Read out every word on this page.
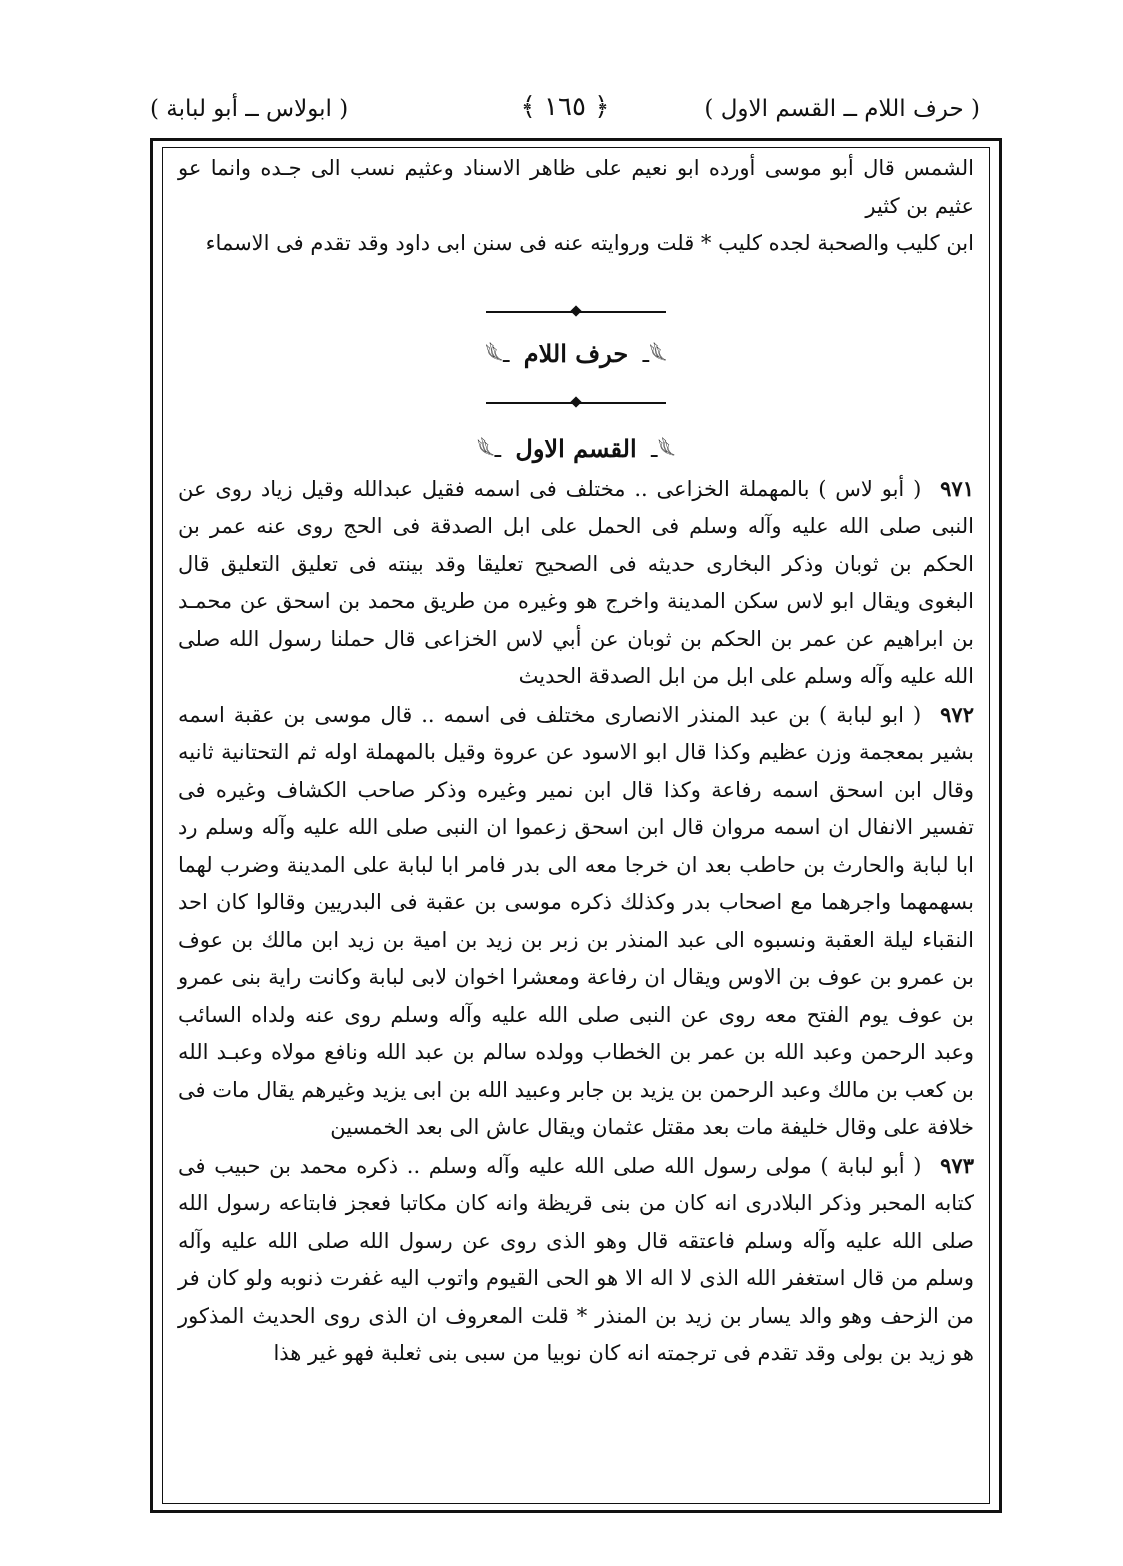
( حرف اللام ــ القسم الاول )
﴿ ١٦٥ ﴾
( ابولاس ــ أبو لبابة )

الشمس قال أبو موسى أورده ابو نعيم على ظاهر الاسناد وعثيم نسب الى جـده وانما عو عثيم بن كثير

ابن كليب والصحبة لجده كليب * قلت وروايته عنه فى سنن ابى داود وقد تقدم فى الاسماء

𓆰ـ حرف اللام ـ𓆰
𓆰ـ القسم الاول ـ𓆰

٩٧١ ( أبو لاس ) بالمهملة الخزاعى .. مختلف فى اسمه فقيل عبدالله وقيل زياد روى عن النبى صلى الله عليه وآله وسلم فى الحمل على ابل الصدقة فى الحج روى عنه عمر بن الحكم بن ثوبان وذكر البخارى حديثه فى الصحيح تعليقا وقد بينته فى تعليق التعليق قال البغوى ويقال ابو لاس سكن المدينة واخرج هو وغيره من طريق محمد بن اسحق عن محمـد بن ابراهيم عن عمر بن الحكم بن ثوبان عن أبي لاس الخزاعى قال حملنا رسول الله صلى الله عليه وآله وسلم على ابل من ابل الصدقة الحديث

٩٧٢ ( ابو لبابة ) بن عبد المنذر الانصارى مختلف فى اسمه .. قال موسى بن عقبة اسمه بشير بمعجمة وزن عظيم وكذا قال ابو الاسود عن عروة وقيل بالمهملة اوله ثم التحتانية ثانيه وقال ابن اسحق اسمه رفاعة وكذا قال ابن نمير وغيره وذكر صاحب الكشاف وغيره فى تفسير الانفال ان اسمه مروان قال ابن اسحق زعموا ان النبى صلى الله عليه وآله وسلم رد ابا لبابة والحارث بن حاطب بعد ان خرجا معه الى بدر فامر ابا لبابة على المدينة وضرب لهما بسهمهما واجرهما مع اصحاب بدر وكذلك ذكره موسى بن عقبة فى البدريين وقالوا كان احد النقباء ليلة العقبة ونسبوه الى عبد المنذر بن زبر بن زيد بن امية بن زيد ابن مالك بن عوف بن عمرو بن عوف بن الاوس ويقال ان رفاعة ومعشرا اخوان لابى لبابة وكانت راية بنى عمرو بن عوف يوم الفتح معه روى عن النبى صلى الله عليه وآله وسلم روى عنه ولداه السائب وعبد الرحمن وعبد الله بن عمر بن الخطاب وولده سالم بن عبد الله ونافع مولاه وعبـد الله بن كعب بن مالك وعبد الرحمن بن يزيد بن جابر وعبيد الله بن ابى يزيد وغيرهم يقال مات فى خلافة على وقال خليفة مات بعد مقتل عثمان ويقال عاش الى بعد الخمسين

٩٧٣ ( أبو لبابة ) مولى رسول الله صلى الله عليه وآله وسلم .. ذكره محمد بن حبيب فى كتابه المحبر وذكر البلادرى انه كان من بنى قريظة وانه كان مكاتبا فعجز فابتاعه رسول الله صلى الله عليه وآله وسلم فاعتقه قال وهو الذى روى عن رسول الله صلى الله عليه وآله وسلم من قال استغفر الله الذى لا اله الا هو الحى القيوم واتوب اليه غفرت ذنوبه ولو كان فر من الزحف وهو والد يسار بن زيد بن المنذر * قلت المعروف ان الذى روى الحديث المذكور هو زيد بن بولى وقد تقدم فى ترجمته انه كان نوبيا من سبى بنى ثعلبة فهو غير هذا
